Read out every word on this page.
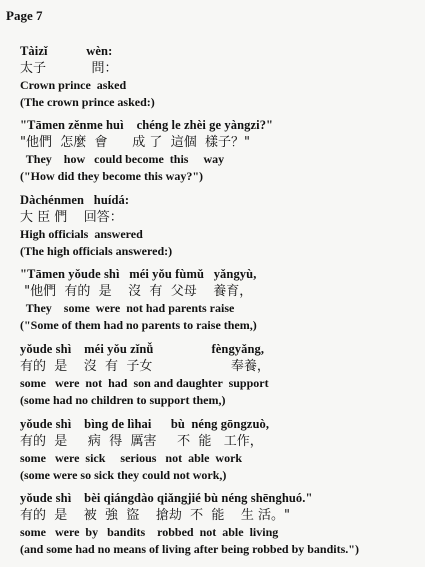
Page 7
Tàizǐ            wèn:
太子           問：
Crown prince  asked
(The crown prince asked:)
"Tāmen zěnme huì    chéng le zhèi ge yàngzi?"
"他們  怎麼  會      成 了  這個  樣子？"
They    how   could become  this     way
("How did they become this way?")
Dàchénmen   huídá:
大 臣 們    回答：
High officials  answered
(The high officials answered:)
"Tāmen yǒude shì   méi yǒu fùmǔ   yǎngyù,
"他們  有的  是    沒  有  父母    養育，
They    some  were  not had parents raise
("Some of them had no parents to raise them,)
yǒude shì    méi yǒu zǐnǚ                  fèngyǎng,
有的  是    沒  有  子女                   奉養，
some   were  not  had  son and daughter  support
(some had no children to support them,)
yǒude shì    bìng de lìhai      bù  néng gōngzuò,
有的  是     病  得  厲害     不  能   工作，
some   were  sick     serious   not  able  work
(some were so sick they could not work,)
yǒude shì    bèi qiángdào qiǎngjié bù néng shēnghuó."
有的  是    被  強  盜    搶劫  不  能    生 活。"
some   were  by   bandits    robbed  not  able  living
(and some had no means of living after being robbed by bandits.")
